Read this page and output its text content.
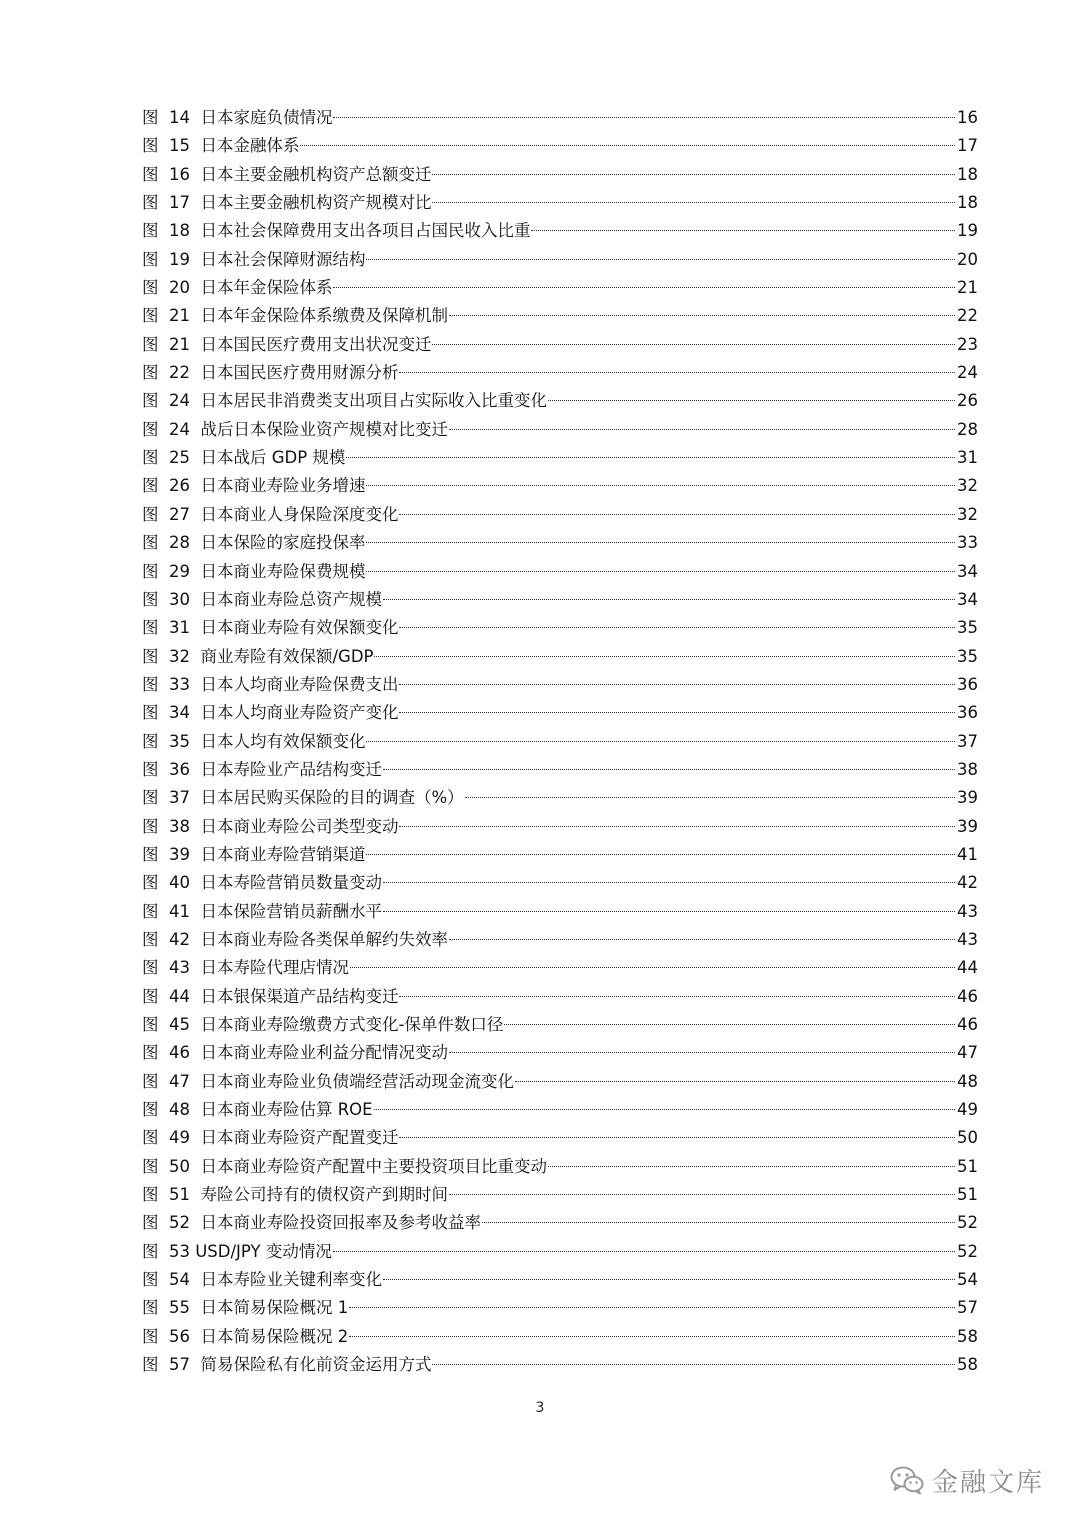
图  14  日本家庭负债情况	16
图  15  日本金融体系	17
图  16  日本主要金融机构资产总额变迁	18
图  17  日本主要金融机构资产规模对比	18
图  18  日本社会保障费用支出各项目占国民收入比重	19
图  19  日本社会保障财源结构	20
图  20  日本年金保险体系	21
图  21  日本年金保险体系缴费及保障机制	22
图  21  日本国民医疗费用支出状况变迁	23
图  22  日本国民医疗费用财源分析	24
图  24  日本居民非消费类支出项目占实际收入比重变化	26
图  24  战后日本保险业资产规模对比变迁	28
图  25  日本战后 GDP 规模	31
图  26  日本商业寿险业务增速	32
图  27  日本商业人身保险深度变化	32
图  28  日本保险的家庭投保率	33
图  29  日本商业寿险保费规模	34
图  30  日本商业寿险总资产规模	34
图  31  日本商业寿险有效保额变化	35
图  32  商业寿险有效保额/GDP	35
图  33  日本人均商业寿险保费支出	36
图  34  日本人均商业寿险资产变化	36
图  35  日本人均有效保额变化	37
图  36  日本寿险业产品结构变迁	38
图  37  日本居民购买保险的目的调查（%）	39
图  38  日本商业寿险公司类型变动	39
图  39  日本商业寿险营销渠道	41
图  40  日本寿险营销员数量变动	42
图  41  日本保险营销员薪酬水平	43
图  42  日本商业寿险各类保单解约失效率	43
图  43  日本寿险代理店情况	44
图  44  日本银保渠道产品结构变迁	46
图  45  日本商业寿险缴费方式变化-保单件数口径	46
图  46  日本商业寿险业利益分配情况变动	47
图  47  日本商业寿险业负债端经营活动现金流变化	48
图  48  日本商业寿险估算 ROE	49
图  49  日本商业寿险资产配置变迁	50
图  50  日本商业寿险资产配置中主要投资项目比重变动	51
图  51  寿险公司持有的债权资产到期时间	51
图  52  日本商业寿险投资回报率及参考收益率	52
图  53 USD/JPY 变动情况	52
图  54  日本寿险业关键利率变化	54
图  55  日本简易保险概况 1	57
图  56  日本简易保险概况 2	58
图  57  简易保险私有化前资金运用方式	58
3
金融文库
